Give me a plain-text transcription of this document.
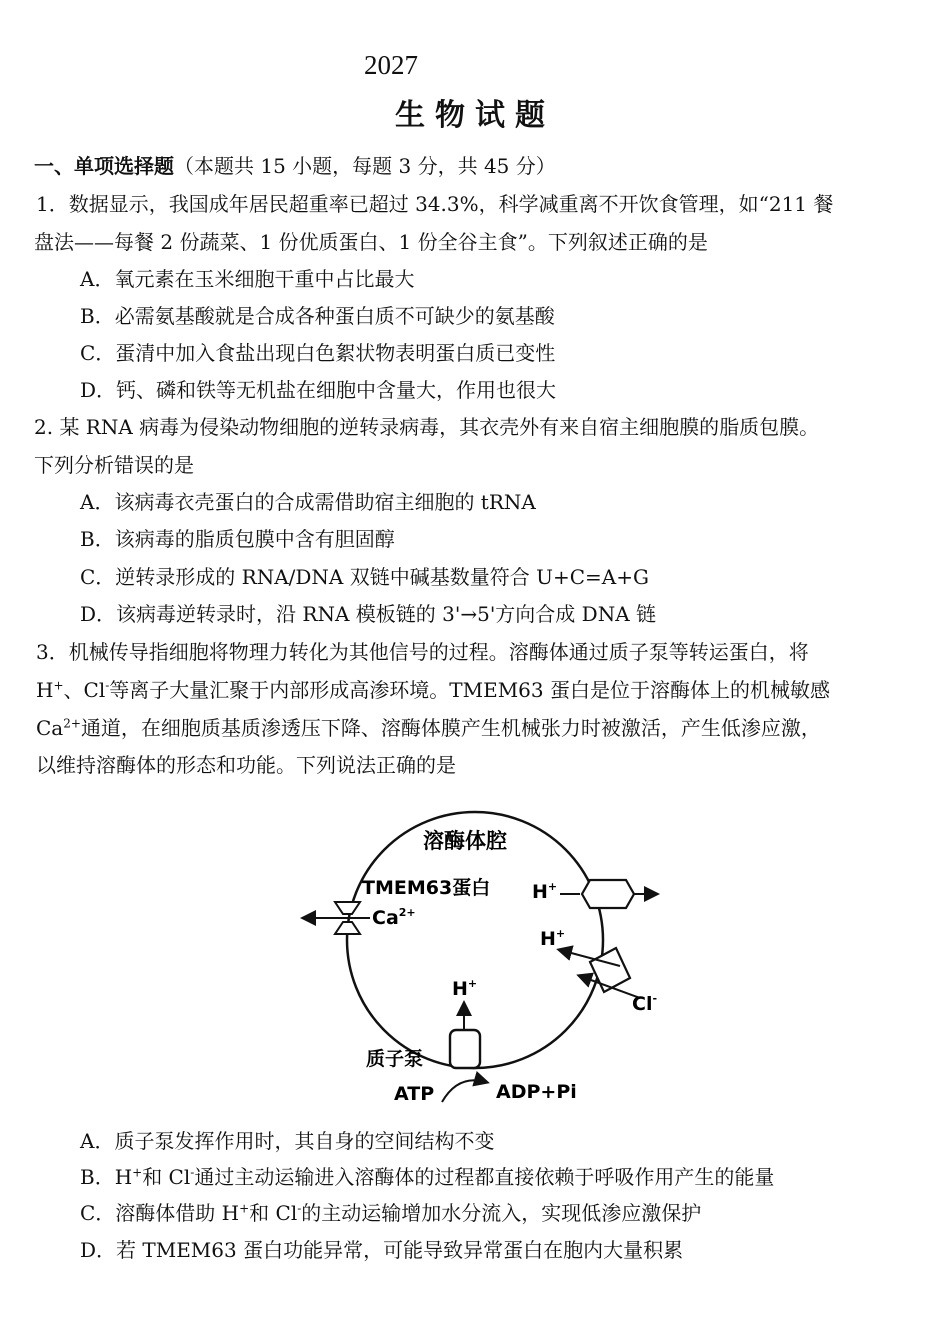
2027
生物试题
一、单项选择题（本题共 15 小题，每题 3 分，共 45 分）
1．数据显示，我国成年居民超重率已超过 34.3%，科学减重离不开饮食管理，如“211 餐
盘法——每餐 2 份蔬菜、1 份优质蛋白、1 份全谷主食”。下列叙述正确的是
A．氧元素在玉米细胞干重中占比最大
B．必需氨基酸就是合成各种蛋白质不可缺少的氨基酸
C．蛋清中加入食盐出现白色絮状物表明蛋白质已变性
D．钙、磷和铁等无机盐在细胞中含量大，作用也很大
2. 某 RNA 病毒为侵染动物细胞的逆转录病毒，其衣壳外有来自宿主细胞膜的脂质包膜。
下列分析错误的是
A．该病毒衣壳蛋白的合成需借助宿主细胞的 tRNA
B．该病毒的脂质包膜中含有胆固醇
C．逆转录形成的 RNA/DNA 双链中碱基数量符合 U+C=A+G
D．该病毒逆转录时，沿 RNA 模板链的 3'→5'方向合成 DNA 链
3．机械传导指细胞将物理力转化为其他信号的过程。溶酶体通过质子泵等转运蛋白，将
H+、Cl-等离子大量汇聚于内部形成高渗环境。TMEM63 蛋白是位于溶酶体上的机械敏感
$Ca^{2+}$通道，在细胞质基质渗透压下降、溶酶体膜产生机械张力时被激活，产生低渗应激，
以维持溶酶体的形态和功能。下列说法正确的是
溶酶体腔
TMEM63蛋白
$Ca^{2+}$
H+
H+
Cl-
H+
质子泵
ATP	ADP+Pi
A．质子泵发挥作用时，其自身的空间结构不变
B．H+和 Cl-通过主动运输进入溶酶体的过程都直接依赖于呼吸作用产生的能量
C．溶酶体借助 H+和 Cl-的主动运输增加水分流入，实现低渗应激保护
D．若 TMEM63 蛋白功能异常，可能导致异常蛋白在胞内大量积累
